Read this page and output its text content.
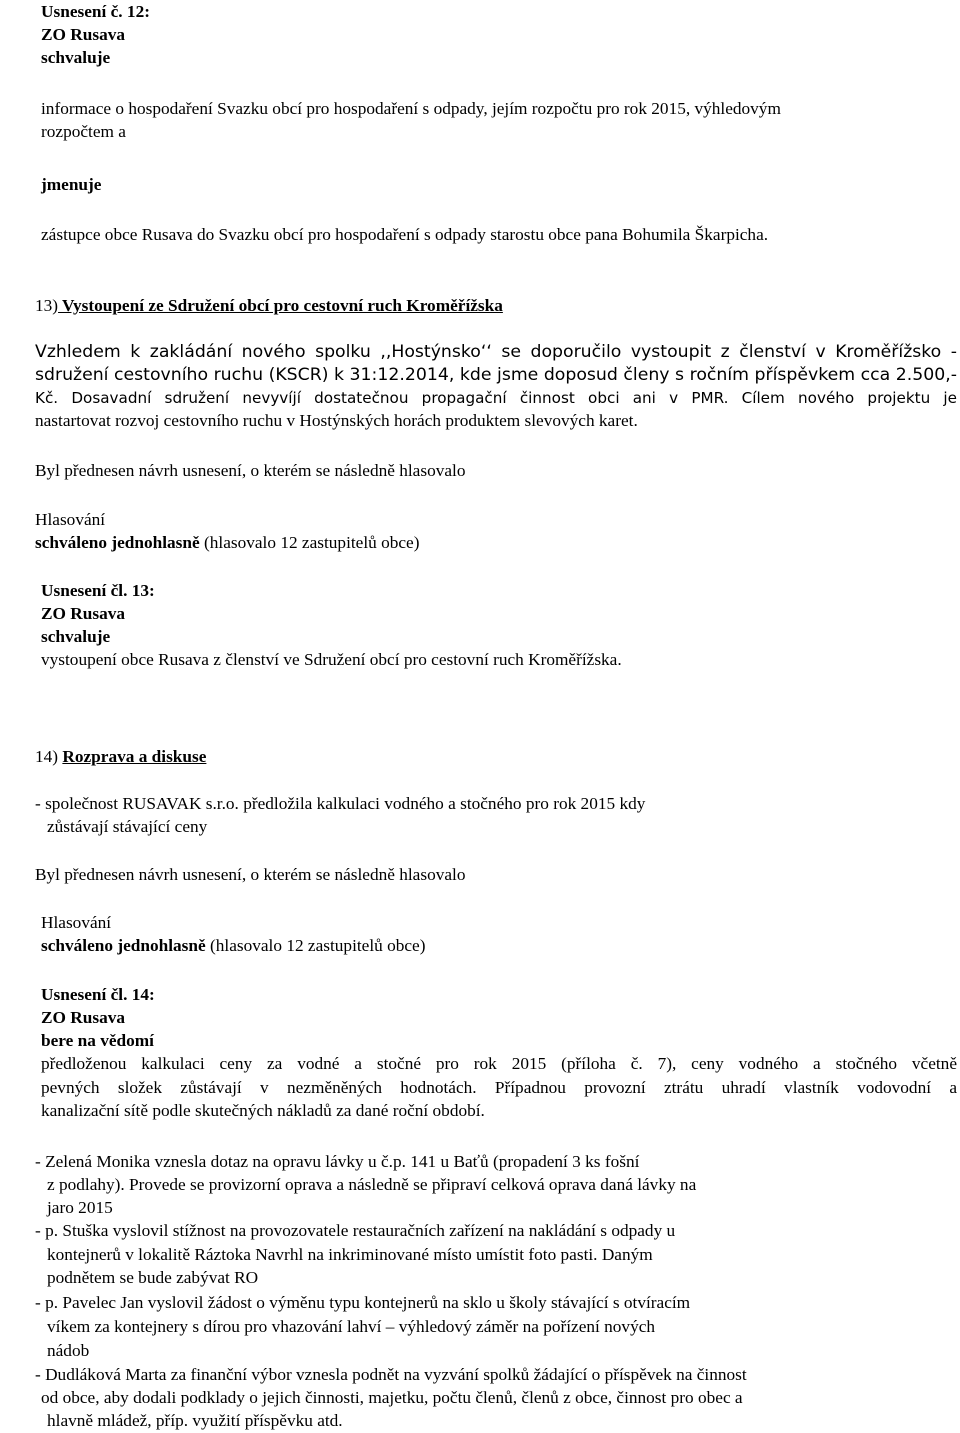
Usnesení č. 12:
ZO Rusava
schvaluje
informace o hospodaření Svazku obcí pro hospodaření s odpady, jejím rozpočtu pro rok 2015, výhledovým
rozpočtem a
jmenuje
zástupce obce Rusava do Svazku obcí pro hospodaření s odpady starostu obce pana Bohumila Škarpicha.
13) Vystoupení ze Sdružení obcí pro cestovní ruch Kroměřížska
Vzhledem k zakládání nového spolku ,,Hostýnsko‘‘ se doporučilo vystoupit z členství v Kroměřížsko -
sdružení cestovního ruchu (KSCR) k 31:12.2014, kde jsme doposud členy s ročním příspěvkem cca 2.500,-
Kč. Dosavadní sdružení nevyvíjí dostatečnou propagační činnost obci ani v PMR. Cílem nového projektu je
nastartovat rozvoj cestovního ruchu v Hostýnských horách produktem slevových karet.
Byl přednesen návrh usnesení, o kterém se následně hlasovalo
Hlasování
schváleno jednohlasně (hlasovalo 12 zastupitelů obce)
Usnesení čl. 13:
ZO Rusava
schvaluje
vystoupení obce Rusava z členství ve Sdružení obcí pro cestovní ruch Kroměřížska.
14) Rozprava a diskuse
- společnost RUSAVAK s.r.o. předložila kalkulaci vodného a stočného pro rok 2015 kdy
zůstávají stávající ceny
Byl přednesen návrh usnesení, o kterém se následně hlasovalo
Hlasování
schváleno jednohlasně (hlasovalo 12 zastupitelů obce)
Usnesení čl. 14:
ZO Rusava
bere na vědomí
předloženou kalkulaci ceny za vodné a stočné pro rok 2015 (příloha č. 7), ceny vodného a stočného včetně
pevných složek zůstávají v nezměněných hodnotách. Případnou provozní ztrátu uhradí vlastník vodovodní a
kanalizační sítě podle skutečných nákladů za dané roční období.
- Zelená Monika vznesla dotaz na opravu lávky u č.p. 141 u Baťů (propadení 3 ks fošní
z podlahy). Provede se provizorní oprava a následně se připraví celková oprava daná lávky na
jaro 2015
- p. Stuška vyslovil stížnost na provozovatele restauračních zařízení na nakládání s odpady u
kontejnerů v lokalitě Ráztoka Navrhl na inkriminované místo umístit foto pasti. Daným
podnětem se bude zabývat RO
- p. Pavelec Jan vyslovil žádost o výměnu typu kontejnerů na sklo u školy stávající s otvíracím
víkem za kontejnery s dírou pro vhazování lahví – výhledový záměr na pořízení nových
nádob
- Dudláková Marta za finanční výbor vznesla podnět na vyzvání spolků žádající o příspěvek na činnost
od obce, aby dodali podklady o jejich činnosti, majetku, počtu členů, členů z obce, činnost pro obec a
hlavně mládež, příp. využití příspěvku atd.
